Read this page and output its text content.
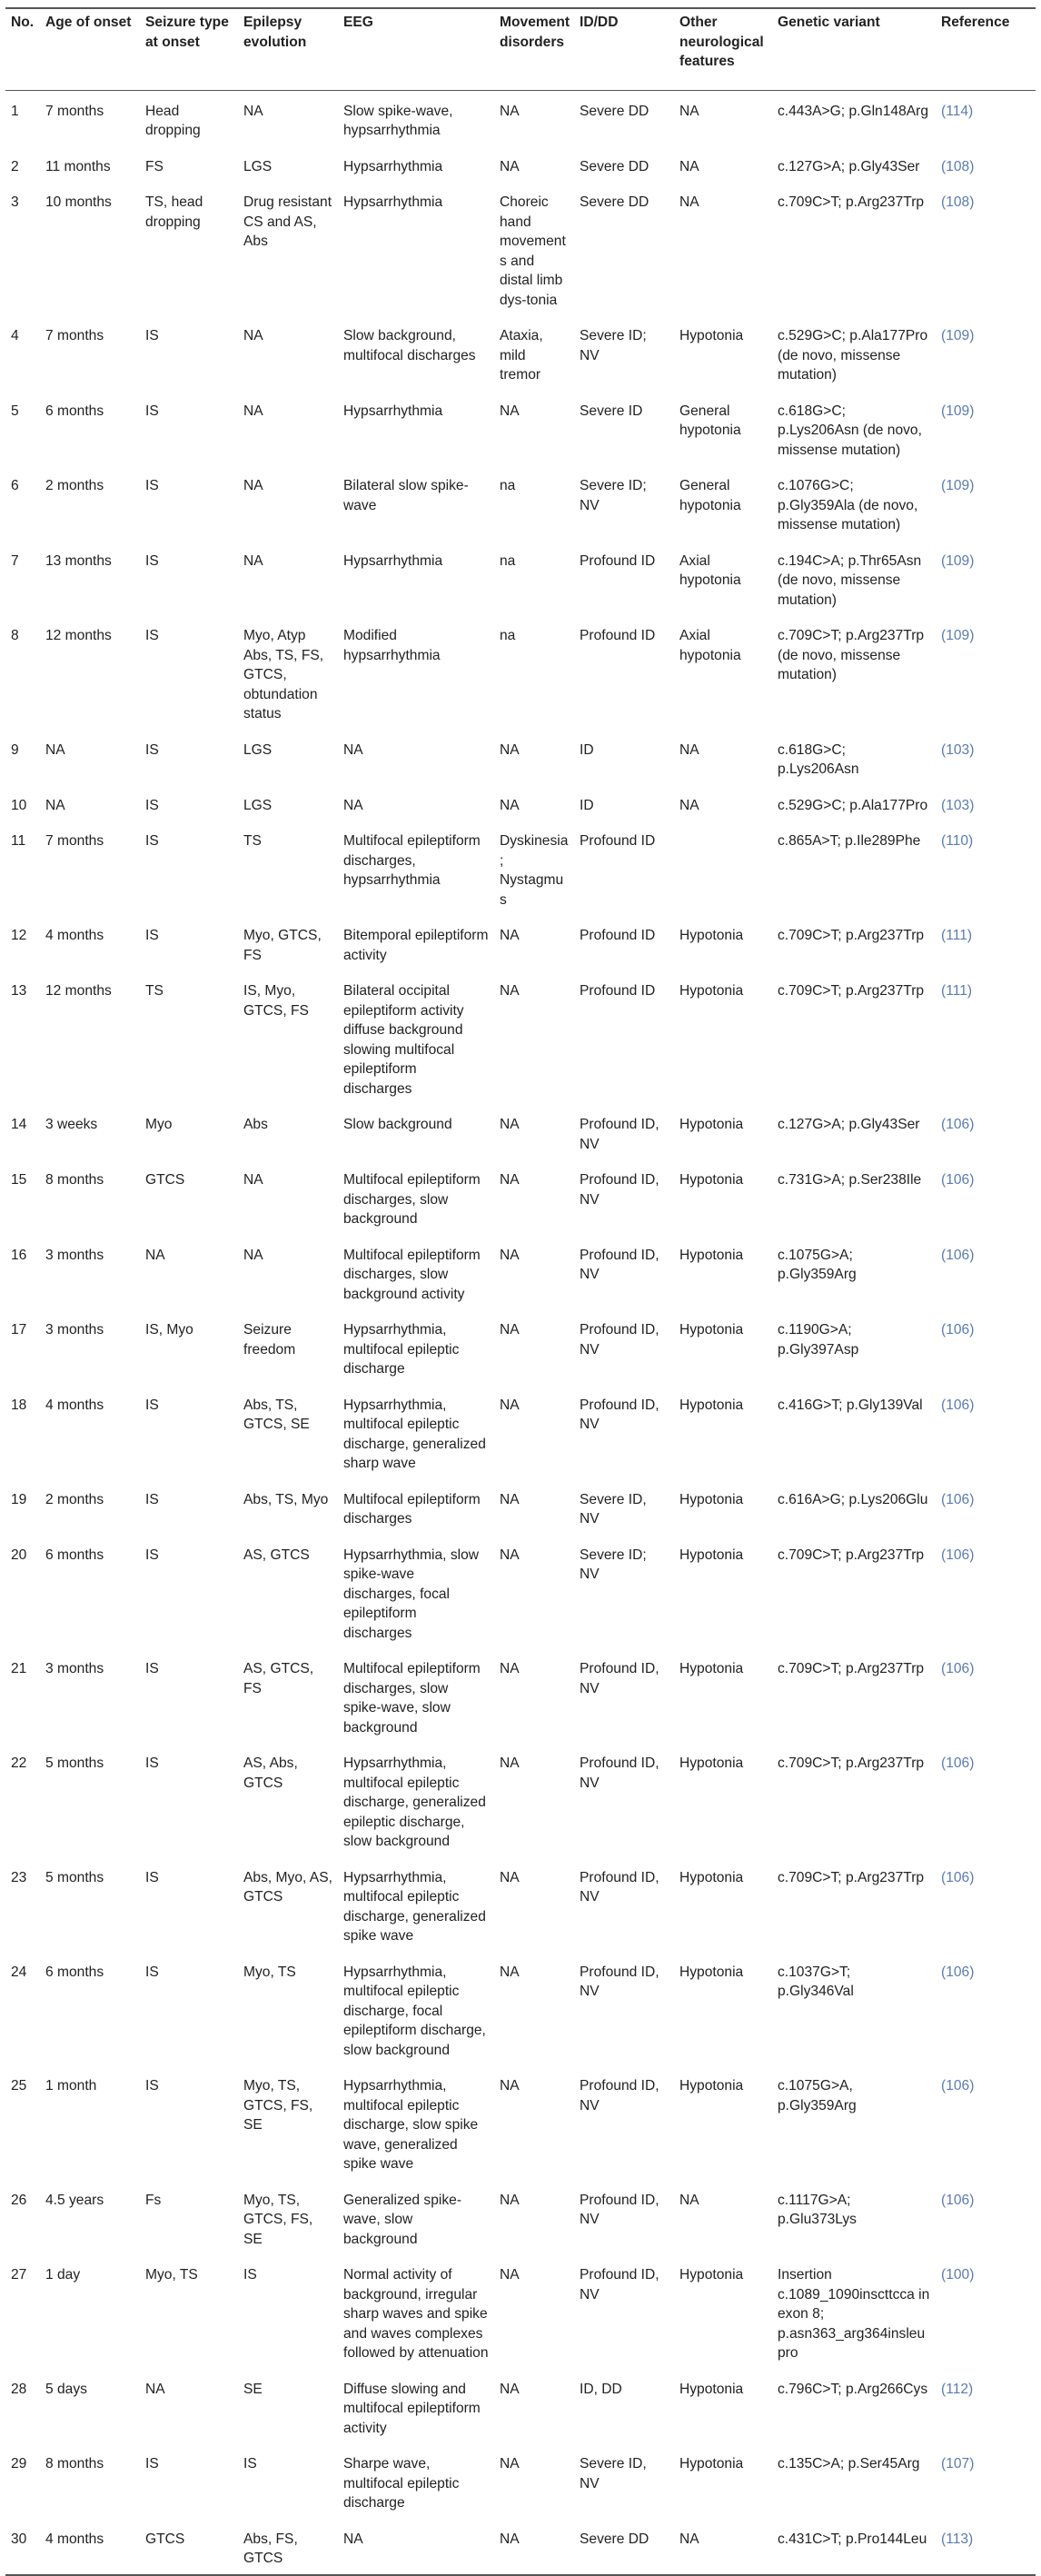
No.	Age of onset	Seizure type at onset	Epilepsy evolution	EEG	Movement disorders	ID/DD	Other neurological features	Genetic variant	Reference
1	7 months	Head dropping	NA	Slow spike-wave, hypsarrhythmia	NA	Severe DD	NA	c.443A>G; p.Gln148Arg	(114)
2	11 months	FS	LGS	Hypsarrhythmia	NA	Severe DD	NA	c.127G>A; p.Gly43Ser	(108)
3	10 months	TS, head dropping	Drug resistant CS and AS, Abs	Hypsarrhythmia	Choreic hand movements and distal limb dys-tonia	Severe DD	NA	c.709C>T; p.Arg237Trp	(108)
4	7 months	IS	NA	Slow background, multifocal discharges	Ataxia, mild tremor	Severe ID; NV	Hypotonia	c.529G>C; p.Ala177Pro (de novo, missense mutation)	(109)
5	6 months	IS	NA	Hypsarrhythmia	NA	Severe ID	General hypotonia	c.618G>C; p.Lys206Asn (de novo, missense mutation)	(109)
6	2 months	IS	NA	Bilateral slow spike-wave	na	Severe ID; NV	General hypotonia	c.1076G>C; p.Gly359Ala (de novo, missense mutation)	(109)
7	13 months	IS	NA	Hypsarrhythmia	na	Profound ID	Axial hypotonia	c.194C>A; p.Thr65Asn (de novo, missense mutation)	(109)
8	12 months	IS	Myo, Atyp Abs, TS, FS, GTCS, obtundation status	Modified hypsarrhythmia	na	Profound ID	Axial hypotonia	c.709C>T; p.Arg237Trp (de novo, missense mutation)	(109)
9	NA	IS	LGS	NA	NA	ID	NA	c.618G>C; p.Lys206Asn	(103)
10	NA	IS	LGS	NA	NA	ID	NA	c.529G>C; p.Ala177Pro	(103)
11	7 months	IS	TS	Multifocal epileptiform discharges, hypsarrhythmia	Dyskinesia; Nystagmus	Profound ID		c.865A>T; p.Ile289Phe	(110)
12	4 months	IS	Myo, GTCS, FS	Bitemporal epileptiform activity	NA	Profound ID	Hypotonia	c.709C>T; p.Arg237Trp	(111)
13	12 months	TS	IS, Myo, GTCS, FS	Bilateral occipital epileptiform activity diffuse background slowing multifocal epileptiform discharges	NA	Profound ID	Hypotonia	c.709C>T; p.Arg237Trp	(111)
14	3 weeks	Myo	Abs	Slow background	NA	Profound ID, NV	Hypotonia	c.127G>A; p.Gly43Ser	(106)
15	8 months	GTCS	NA	Multifocal epileptiform discharges, slow background	NA	Profound ID, NV	Hypotonia	c.731G>A; p.Ser238Ile	(106)
16	3 months	NA	NA	Multifocal epileptiform discharges, slow background activity	NA	Profound ID, NV	Hypotonia	c.1075G>A; p.Gly359Arg	(106)
17	3 months	IS, Myo	Seizure freedom	Hypsarrhythmia, multifocal epileptic discharge	NA	Profound ID, NV	Hypotonia	c.1190G>A; p.Gly397Asp	(106)
18	4 months	IS	Abs, TS, GTCS, SE	Hypsarrhythmia, multifocal epileptic discharge, generalized sharp wave	NA	Profound ID, NV	Hypotonia	c.416G>T; p.Gly139Val	(106)
19	2 months	IS	Abs, TS, Myo	Multifocal epileptiform discharges	NA	Severe ID, NV	Hypotonia	c.616A>G; p.Lys206Glu	(106)
20	6 months	IS	AS, GTCS	Hypsarrhythmia, slow spike-wave discharges, focal epileptiform discharges	NA	Severe ID; NV	Hypotonia	c.709C>T; p.Arg237Trp	(106)
21	3 months	IS	AS, GTCS, FS	Multifocal epileptiform discharges, slow spike-wave, slow background	NA	Profound ID, NV	Hypotonia	c.709C>T; p.Arg237Trp	(106)
22	5 months	IS	AS, Abs, GTCS	Hypsarrhythmia, multifocal epileptic discharge, generalized epileptic discharge, slow background	NA	Profound ID, NV	Hypotonia	c.709C>T; p.Arg237Trp	(106)
23	5 months	IS	Abs, Myo, AS, GTCS	Hypsarrhythmia, multifocal epileptic discharge, generalized spike wave	NA	Profound ID, NV	Hypotonia	c.709C>T; p.Arg237Trp	(106)
24	6 months	IS	Myo, TS	Hypsarrhythmia, multifocal epileptic discharge, focal epileptiform discharge, slow background	NA	Profound ID, NV	Hypotonia	c.1037G>T; p.Gly346Val	(106)
25	1 month	IS	Myo, TS, GTCS, FS, SE	Hypsarrhythmia, multifocal epileptic discharge, slow spike wave, generalized spike wave	NA	Profound ID, NV	Hypotonia	c.1075G>A, p.Gly359Arg	(106)
26	4.5 years	Fs	Myo, TS, GTCS, FS, SE	Generalized spike-wave, slow background	NA	Profound ID, NV	NA	c.1117G>A; p.Glu373Lys	(106)
27	1 day	Myo, TS	IS	Normal activity of background, irregular sharp waves and spike and waves complexes followed by attenuation	NA	Profound ID, NV	Hypotonia	Insertion c.1089_1090inscttcca in exon 8; p.asn363_arg364insleupro	(100)
28	5 days	NA	SE	Diffuse slowing and multifocal epileptiform activity	NA	ID, DD	Hypotonia	c.796C>T; p.Arg266Cys	(112)
29	8 months	IS	IS	Sharpe wave, multifocal epileptic discharge	NA	Severe ID, NV	Hypotonia	c.135C>A; p.Ser45Arg	(107)
30	4 months	GTCS	Abs, FS, GTCS	NA	NA	Severe DD	NA	c.431C>T; p.Pro144Leu	(113)
